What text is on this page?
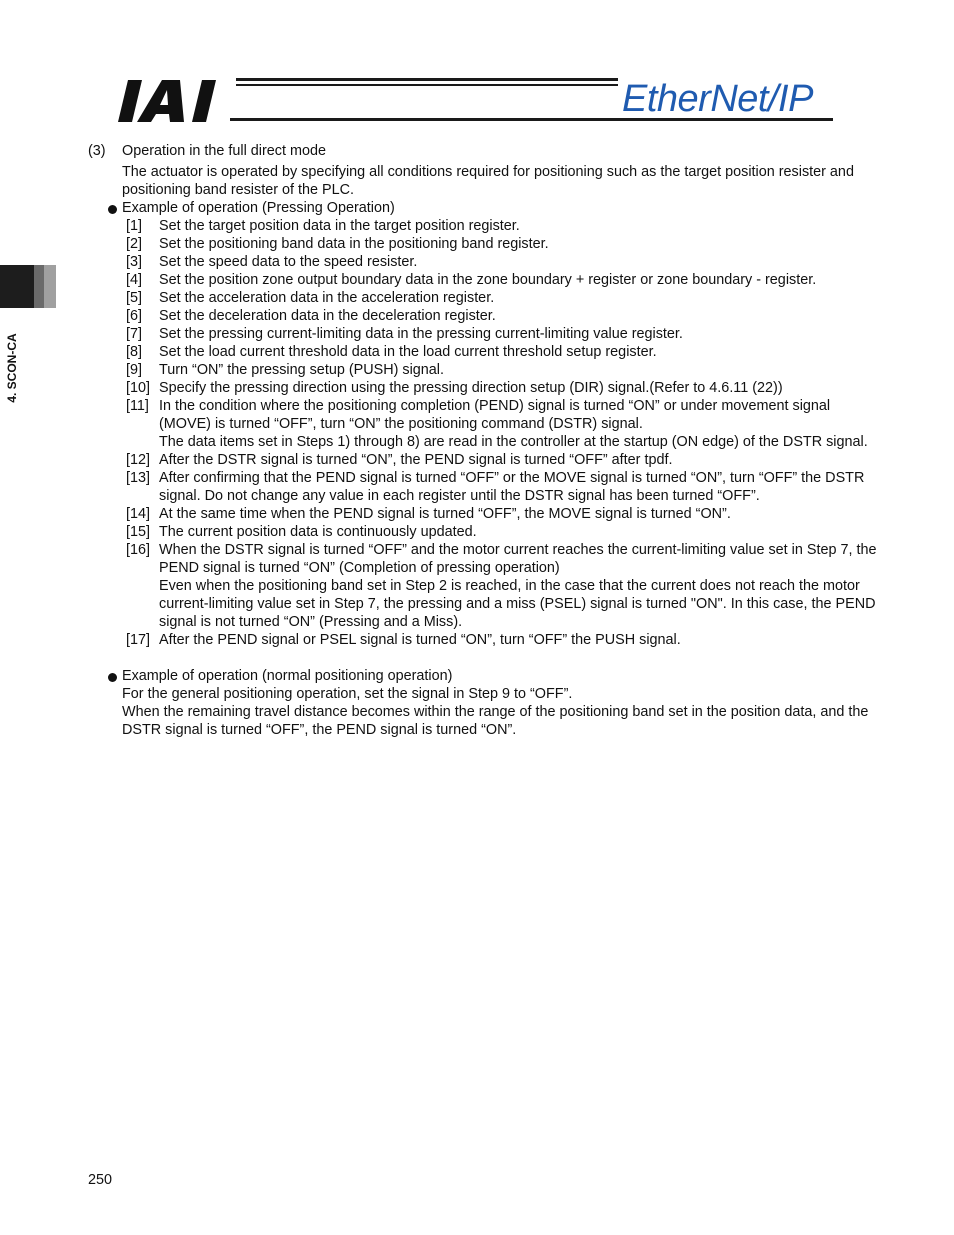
EtherNet/IP
4. SCON-CA
(3)	Operation in the full direct mode
The actuator is operated by specifying all conditions required for positioning such as the target position resister and positioning band resister of the PLC.
Example of operation (Pressing Operation)
[1]	Set the target position data in the target position register.
[2]	Set the positioning band data in the positioning band register.
[3]	Set the speed data to the speed resister.
[4]	Set the position zone output boundary data in the zone boundary + register or zone boundary - register.
[5]	Set the acceleration data in the acceleration register.
[6]	Set the deceleration data in the deceleration register.
[7]	Set the pressing current-limiting data in the pressing current-limiting value register.
[8]	Set the load current threshold data in the load current threshold setup register.
[9]	Turn “ON” the pressing setup (PUSH) signal.
[10] Specify the pressing direction using the pressing direction setup (DIR) signal.(Refer to 4.6.11 (22))
[11] In the condition where the positioning completion (PEND) signal is turned “ON” or under movement signal (MOVE) is turned “OFF”, turn “ON” the positioning command (DSTR) signal.
The data items set in Steps 1) through 8) are read in the controller at the startup (ON edge) of the DSTR signal.
[12] After the DSTR signal is turned “ON”, the PEND signal is turned “OFF” after tpdf.
[13] After confirming that the PEND signal is turned “OFF” or the MOVE signal is turned “ON”, turn “OFF” the DSTR signal. Do not change any value in each register until the DSTR signal has been turned “OFF”.
[14] At the same time when the PEND signal is turned “OFF”, the MOVE signal is turned “ON”.
[15] The current position data is continuously updated.
[16] When the DSTR signal is turned “OFF” and the motor current reaches the current-limiting value set in Step 7, the PEND signal is turned “ON” (Completion of pressing operation)
Even when the positioning band set in Step 2 is reached, in the case that the current does not reach the motor current-limiting value set in Step 7, the pressing and a miss (PSEL) signal is turned "ON". In this case, the PEND signal is not turned “ON” (Pressing and a Miss).
[17] After the PEND signal or PSEL signal is turned “ON”, turn “OFF” the PUSH signal.
Example of operation (normal positioning operation)
For the general positioning operation, set the signal in Step 9 to “OFF”.
When the remaining travel distance becomes within the range of the positioning band set in the position data, and the DSTR signal is turned “OFF”, the PEND signal is turned “ON”.
250
